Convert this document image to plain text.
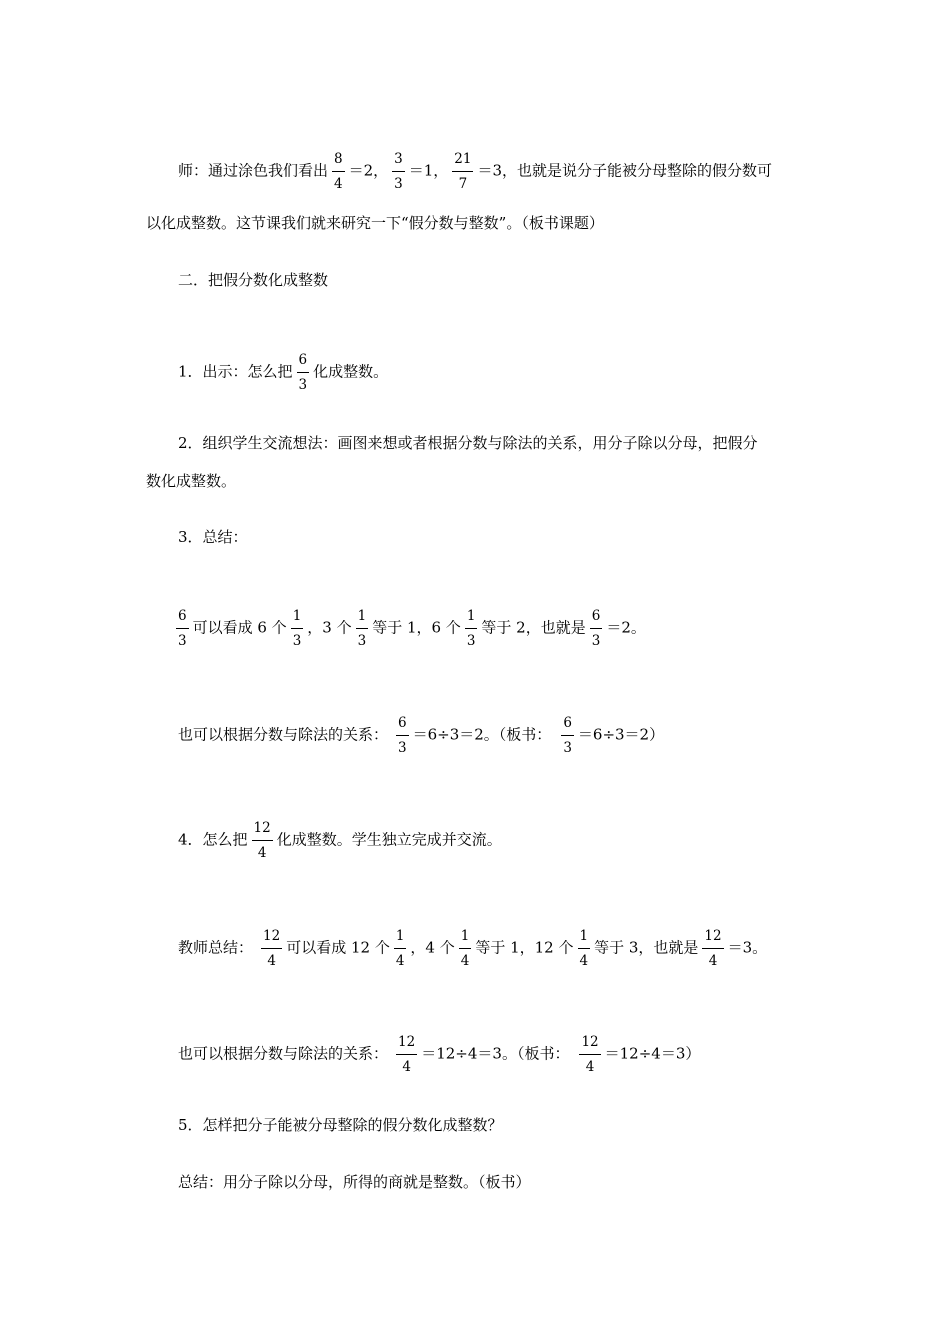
师：通过涂色我们看出 $\frac{8}{4} =2$， $\frac{3}{3} =1$， $\frac{21}{7} =3$，也就是说分子能被分母整除的假分数可
以化成整数。这节课我们就来研究一下“假分数与整数”。（板书课题）
二．把假分数化成整数
1．出示：怎么把 $\frac{6}{3}$ 化成整数。
2．组织学生交流想法：画图来想或者根据分数与除法的关系，用分子除以分母，把假分
数化成整数。
3．总结：
$\frac{6}{3}$ 可以看成 6 个 $\frac{1}{3}$ ，3 个 $\frac{1}{3}$ 等于 1，6 个 $\frac{1}{3}$ 等于 2，也就是 $\frac{6}{3} =2$。
也可以根据分数与除法的关系： $\frac{6}{3} =6\div 3=2$。（板书： $\frac{6}{3} =6\div 3=2$）
4．怎么把 $\frac{12}{4}$ 化成整数。学生独立完成并交流。
教师总结： $\frac{12}{4}$ 可以看成 12 个 $\frac{1}{4}$ ，4 个 $\frac{1}{4}$ 等于 1，12 个 $\frac{1}{4}$ 等于 3，也就是 $\frac{12}{4} =3$。
也可以根据分数与除法的关系： $\frac{12}{4} =12\div 4=3$。（板书： $\frac{12}{4} =12\div 4=3$）
5．怎样把分子能被分母整除的假分数化成整数？
总结：用分子除以分母，所得的商就是整数。（板书）
